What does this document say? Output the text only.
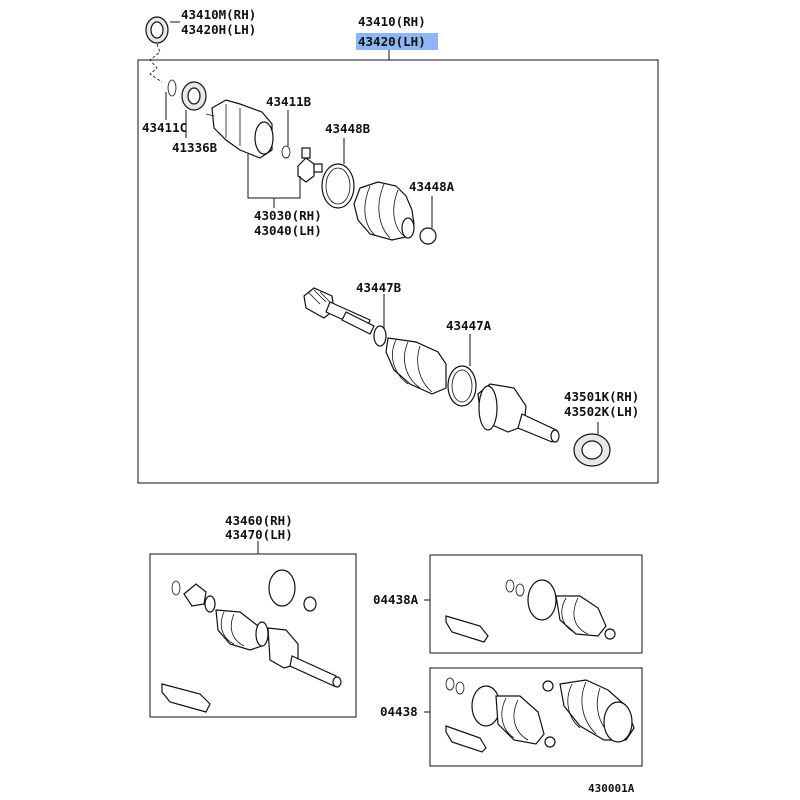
43410M(RH)
43420H(LH)
43410(RH)
43420(LH)
43411C
41336B
43411B
43448B
43448A
43030(RH)
43040(LH)
43447B
43447A
43501K(RH)
43502K(LH)
43460(RH)
43470(LH)
04438A
04438
430001A
